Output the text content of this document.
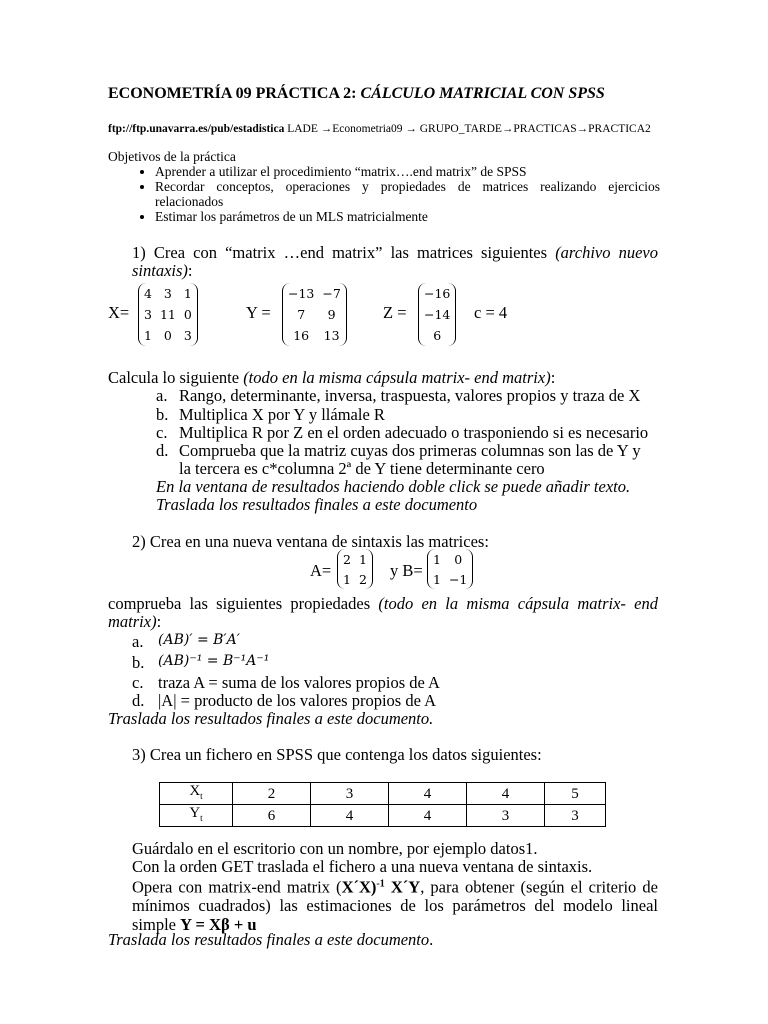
ECONOMETRÍA 09 PRÁCTICA 2: CÁLCULO MATRICIAL CON SPSS
ftp://ftp.unavarra.es/pub/estadistica LADE →Econometria09 → GRUPO_TARDE→PRACTICAS→PRACTICA2
Objetivos de la práctica
• Aprender a utilizar el procedimiento “matrix….end matrix” de SPSS
• Recordar conceptos, operaciones y propiedades de matrices realizando ejercicios relacionados
• Estimar los parámetros de un MLS matricialmente
1) Crea con “matrix …end matrix” las matrices siguientes (archivo nuevo sintaxis):
X=
4	3	1
3	11	0
1	0	3
Y =
−13	−7
7	9
16	13
Z =
−16
−14
6
c = 4
Calcula lo siguiente (todo en la misma cápsula matrix- end matrix):
a. Rango, determinante, inversa, traspuesta, valores propios y traza de X
b. Multiplica X por Y y llámale R
c. Multiplica R por Z en el orden adecuado o trasponiendo si es necesario
d. Comprueba que la matriz cuyas dos primeras columnas son las de Y y
la tercera es c*columna 2ª de Y tiene determinante cero
En la ventana de resultados haciendo doble click se puede añadir texto.
Traslada los resultados finales a este documento
2) Crea en una nueva ventana de sintaxis las matrices:
A=
2	1
1	2 y B=
1	0
1	−1
comprueba las siguientes propiedades (todo en la misma cápsula matrix- end matrix):
a. (AB)′ = B′A′
b. (AB)⁻¹ = B⁻¹A⁻¹
c. traza A = suma de los valores propios de A
d. |A| = producto de los valores propios de A
Traslada los resultados finales a este documento.
3) Crea un fichero en SPSS que contenga los datos siguientes:
$X_t$	2	3	4	4	5
$Y_t$	6	4	4	3	3
Guárdalo en el escritorio con un nombre, por ejemplo datos1.
Con la orden GET traslada el fichero a una nueva ventana de sintaxis.
Opera con matrix-end matrix (X´X)$^{-1}$ X´Y, para obtener (según el criterio de mínimos cuadrados) las estimaciones de los parámetros del modelo lineal simple Y = Xβ + u
Traslada los resultados finales a este documento.
